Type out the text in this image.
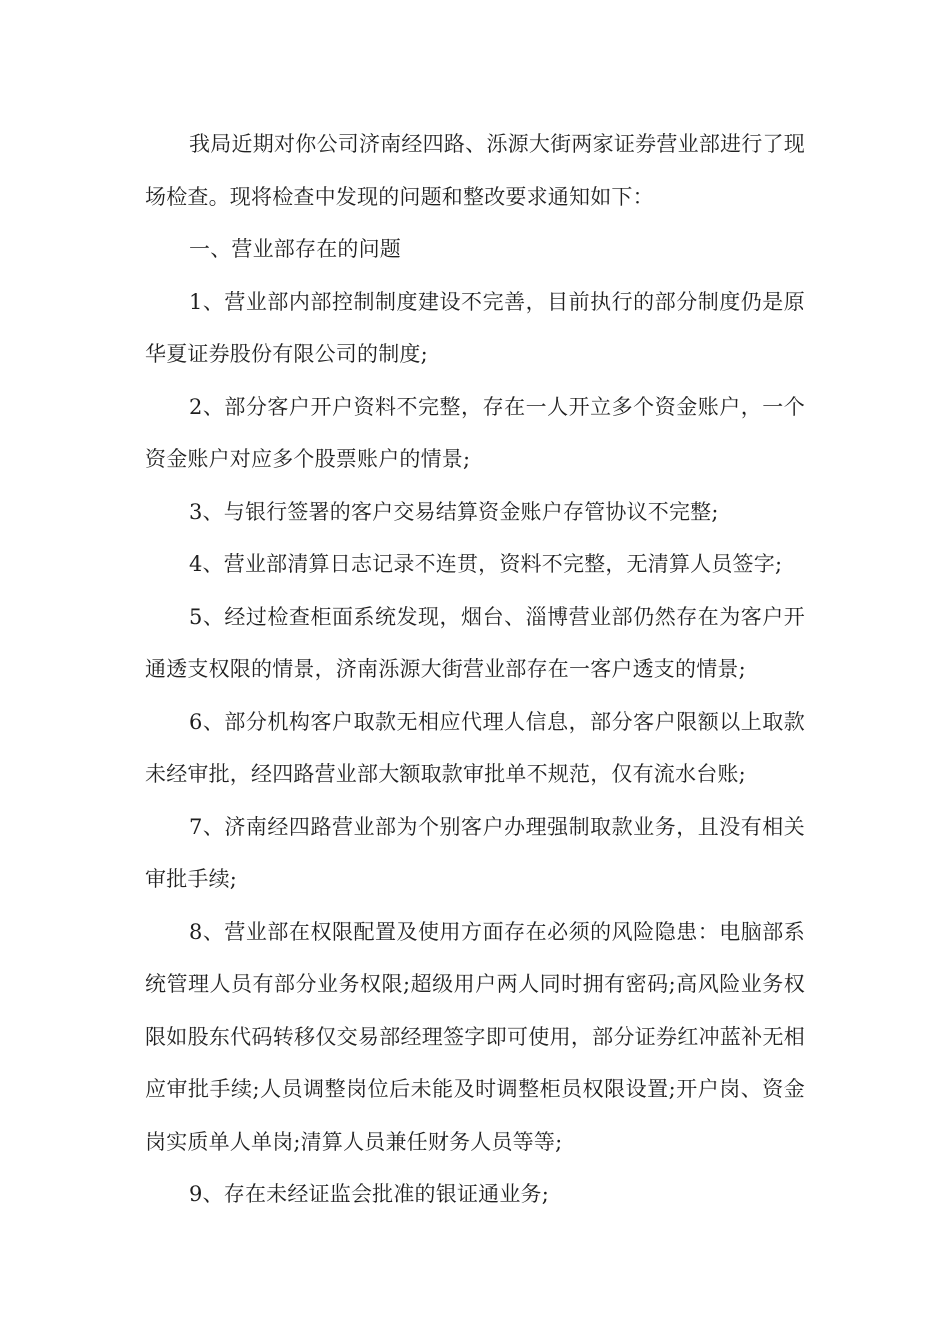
我局近期对你公司济南经四路、泺源大街两家证券营业部进行了现场检查。现将检查中发现的问题和整改要求通知如下：

一、营业部存在的问题

1、营业部内部控制制度建设不完善，目前执行的部分制度仍是原华夏证券股份有限公司的制度;

2、部分客户开户资料不完整，存在一人开立多个资金账户，一个资金账户对应多个股票账户的情景;

3、与银行签署的客户交易结算资金账户存管协议不完整;

4、营业部清算日志记录不连贯，资料不完整，无清算人员签字;

5、经过检查柜面系统发现，烟台、淄博营业部仍然存在为客户开通透支权限的情景，济南泺源大街营业部存在一客户透支的情景;

6、部分机构客户取款无相应代理人信息，部分客户限额以上取款未经审批，经四路营业部大额取款审批单不规范，仅有流水台账;

7、济南经四路营业部为个别客户办理强制取款业务，且没有相关审批手续;

8、营业部在权限配置及使用方面存在必须的风险隐患：电脑部系统管理人员有部分业务权限;超级用户两人同时拥有密码;高风险业务权限如股东代码转移仅交易部经理签字即可使用，部分证券红冲蓝补无相应审批手续;人员调整岗位后未能及时调整柜员权限设置;开户岗、资金岗实质单人单岗;清算人员兼任财务人员等等;

9、存在未经证监会批准的银证通业务;
